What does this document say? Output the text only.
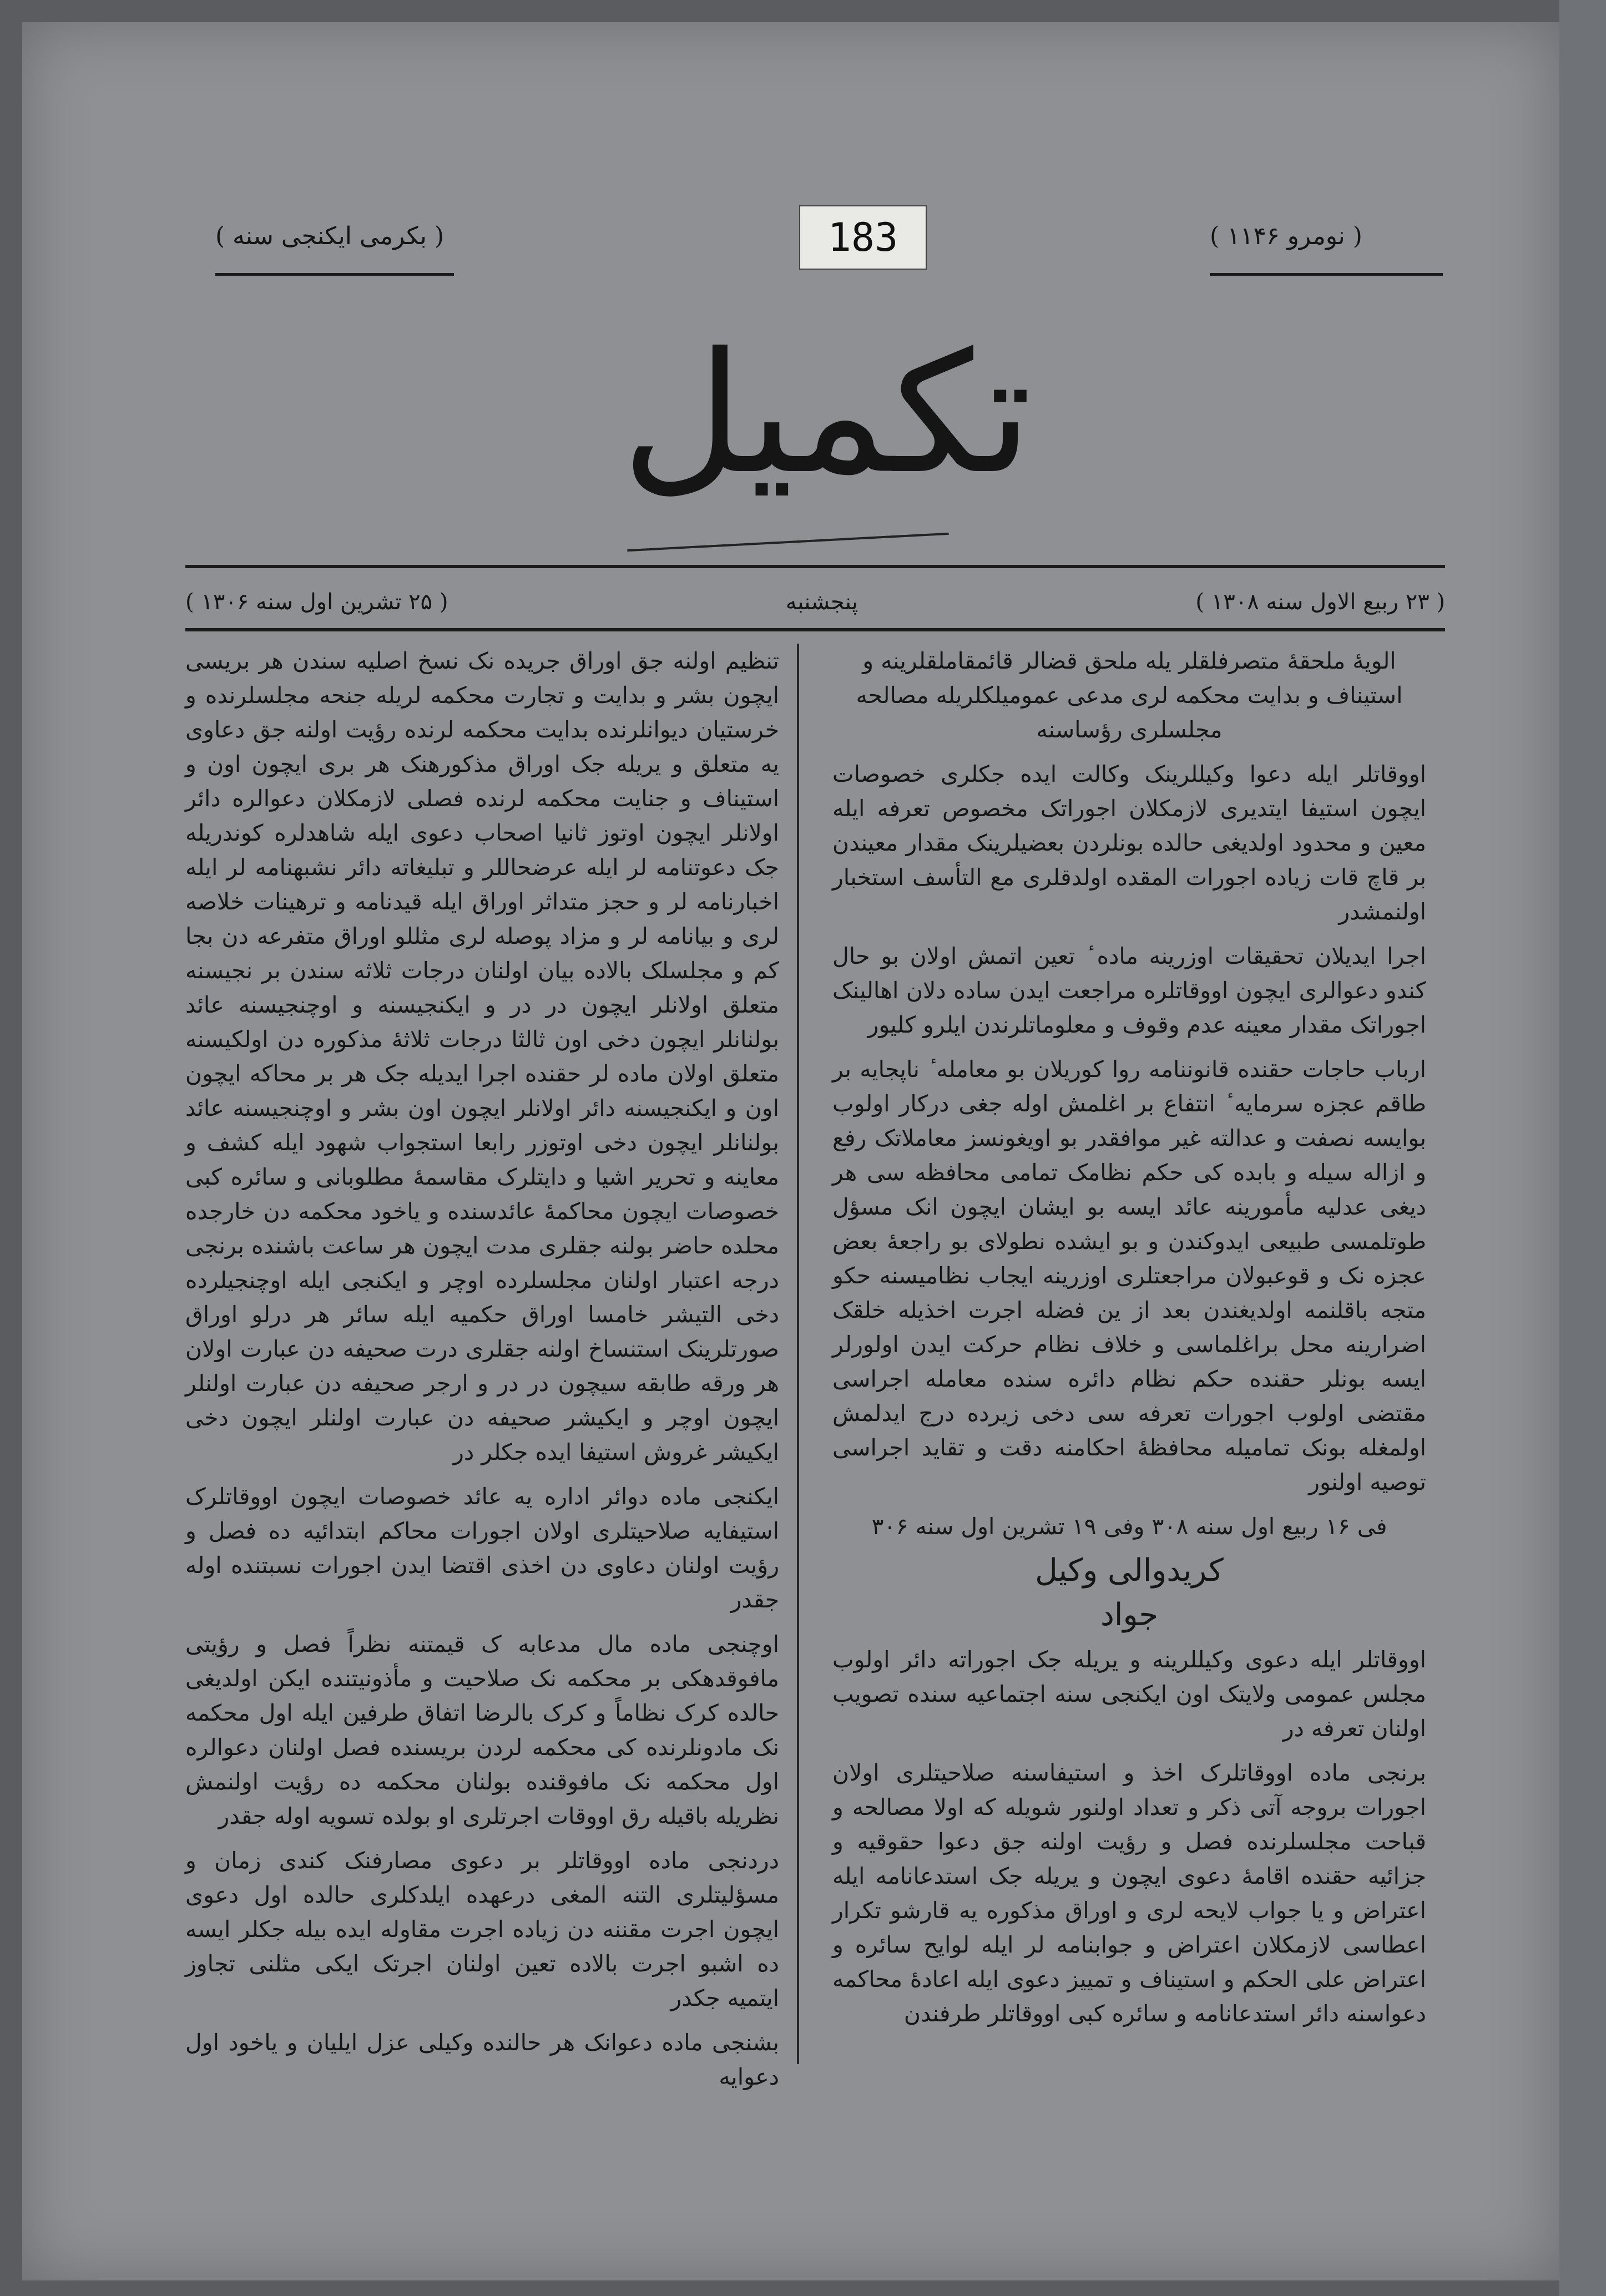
183
( بکرمی ایکنجی سنه )	( نومرو ۱۱۴۶ )
تکمیل
( ۲۳ ربیع الاول سنه ۱۳۰۸ )
پنجشنبه
( ۲۵ تشرین اول سنه ۱۳۰۶ )

الویهٔ ملحقهٔ متصرفلقلر یله ملحق قضالر قائمقاملقلرینه و استیناف و بدایت محکمه لری مدعی عمومیلکلریله مصالحه مجلسلری رؤساسنه

اووقاتلر ایله دعوا وکیللرینک وکالت ایده جکلری خصوصات ایچون استیفا ایتدیری لازمکلان اجوراتک مخصوص تعرفه ایله معین و محدود اولدیغی حالده بونلردن بعضیلرینک مقدار معیندن بر قاچ قات زیاده اجورات المقده اولدقلری مع التأسف استخبار اولنمشدر

اجرا ایدیلان تحقیقات اوزرینه ماده ٔ تعین اتمش اولان بو حال کندو دعوالری ایچون اووقاتلره مراجعت ایدن ساده دلان اهالینک اجوراتک مقدار معینه عدم وقوف و معلوماتلرندن ایلرو کلیور

ارباب حاجات حقنده قانوننامه روا کوریلان بو معامله ٔ ناپجایه بر طاقم عجزه سرمایه ٔ انتفاع بر اغلمش اوله جغی درکار اولوب بوایسه نصفت و عدالته غیر موافقدر بو اویغونسز معاملاتک رفع و ازاله سیله و بابده کی حکم نظامک تمامی محافظه سی هر دیغی عدلیه مأمورینه عائد ایسه بو ایشان ایچون انک مسؤل طوتلمسی طبیعی ایدوکندن و بو ایشده نطولای بو راجعهٔ بعض عجزه نک و قوعبولان مراجعتلری اوزرینه ایجاب نظامیسنه حکو متجه باقلنمه اولدیغندن بعد از ین فضله اجرت اخذیله خلقک اضرارینه محل براغلماسی و خلاف نظام حرکت ایدن اولورلر ایسه بونلر حقنده حکم نظام دائره سنده معامله اجراسی مقتضی اولوب اجورات تعرفه سی دخی زیرده درج ایدلمش اولمغله بونک تمامیله محافظهٔ احکامنه دقت و تقاید اجراسی توصیه اولنور

فی ۱۶ ربیع اول سنه ۳۰۸ وفی ۱۹ تشرین اول سنه ۳۰۶

کریدوالی وکیل

جواد

اووقاتلر ایله دعوی وکیللرینه و یریله جک اجوراته دائر اولوب مجلس عمومی ولایتک اون ایکنجی سنه اجتماعیه سنده تصویب اولنان تعرفه در

برنجی ماده اووقاتلرک اخذ و استیفاسنه صلاحیتلری اولان اجورات بروجه آتی ذکر و تعداد اولنور شویله که اولا مصالحه و قباحت مجلسلرنده فصل و رؤیت اولنه جق دعوا حقوقیه و جزائیه حقنده اقامهٔ دعوی ایچون و یریله جک استدعانامه ایله اعتراض و یا جواب لایحه لری و اوراق مذکوره یه قارشو تکرار اعطاسی لازمکلان اعتراض و جوابنامه لر ایله لوایح سائره و اعتراض علی الحکم و استیناف و تمییز دعوی ایله اعادهٔ محاکمه دعواسنه دائر استدعانامه و سائره کبی اووقاتلر طرفندن

تنظیم اولنه جق اوراق جریده نک نسخ اصلیه سندن هر بریسی ایچون بشر و بدایت و تجارت محکمه لریله جنحه مجلسلرنده و خرستیان دیوانلرنده بدایت محکمه لرنده رؤیت اولنه جق دعاوی یه متعلق و یریله جک اوراق مذکورهنک هر بری ایچون اون و استیناف و جنایت محکمه لرنده فصلی لازمکلان دعوالره دائر اولانلر ایچون اوتوز ثانیا اصحاب دعوی ایله شاهدلره کوندریله جک دعوتنامه لر ایله عرضحاللر و تبلیغاته دائر نشبهنامه لر ایله اخبارنامه لر و حجز متداثر اوراق ایله قیدنامه و ترهینات خلاصه لری و بیانامه لر و مزاد پوصله لری مثللو اوراق متفرعه دن بجا کم و مجلسلک بالاده بیان اولنان درجات ثلاثه سندن بر نجیسنه متعلق اولانلر ایچون در در و ایکنجیسنه و اوچنجیسنه عائد بولنانلر ایچون دخی اون ثالثا درجات ثلاثهٔ مذکوره دن اولکیسنه متعلق اولان ماده لر حقنده اجرا ایدیله جک هر بر محاکه ایچون اون و ایکنجیسنه دائر اولانلر ایچون اون بشر و اوچنجیسنه عائد بولنانلر ایچون دخی اوتوزر رابعا استجواب شهود ایله کشف و معاینه و تحریر اشیا و دایتلرک مقاسمهٔ مطلوبانی و سائره کبی خصوصات ایچون محاکمهٔ عائدسنده و یاخود محکمه دن خارجده محلده حاضر بولنه جقلری مدت ایچون هر ساعت باشنده برنجی درجه اعتبار اولنان مجلسلرده اوچر و ایکنجی ایله اوچنجیلرده دخی التیشر خامسا اوراق حکمیه ایله سائر هر درلو اوراق صورتلرینک استنساخ اولنه جقلری درت صحیفه دن عبارت اولان هر ورقه طابقه سیچون در در و ارجر صحیفه دن عبارت اولنلر ایچون اوچر و ایکیشر صحیفه دن عبارت اولنلر ایچون دخی ایکیشر غروش استیفا ایده جکلر در

ایکنجی ماده دوائر اداره یه عائد خصوصات ایچون اووقاتلرک استیفایه صلاحیتلری اولان اجورات محاکم ابتدائیه ده فصل و رؤیت اولنان دعاوی دن اخذی اقتضا ایدن اجورات نسبتنده اوله جقدر

اوچنجی ماده مال مدعابه ک قیمتنه نظراً فصل و رؤیتی مافوقدهکی بر محکمه نک صلاحیت و مأذونیتنده ایکن اولدیغی حالده کرک نظاماً و کرک بالرضا اتفاق طرفین ایله اول محکمه نک مادونلرنده کی محکمه لردن بریسنده فصل اولنان دعوالره اول محکمه نک مافوقنده بولنان محکمه ده رؤیت اولنمش نظریله باقیله رق اووقات اجرتلری او بولده تسویه اوله جقدر

دردنجی ماده اووقاتلر بر دعوی مصارفنک کندی زمان و مسؤلیتلری التنه المغی درعهده ایلدکلری حالده اول دعوی ایچون اجرت مقننه دن زیاده اجرت مقاوله ایده بیله جکلر ایسه ده اشبو اجرت بالاده تعین اولنان اجرتک ایکی مثلنی تجاوز ایتمیه جکدر

بشنجی ماده دعوانک هر حالنده وکیلی عزل ایلیان و یاخود اول دعوایه
